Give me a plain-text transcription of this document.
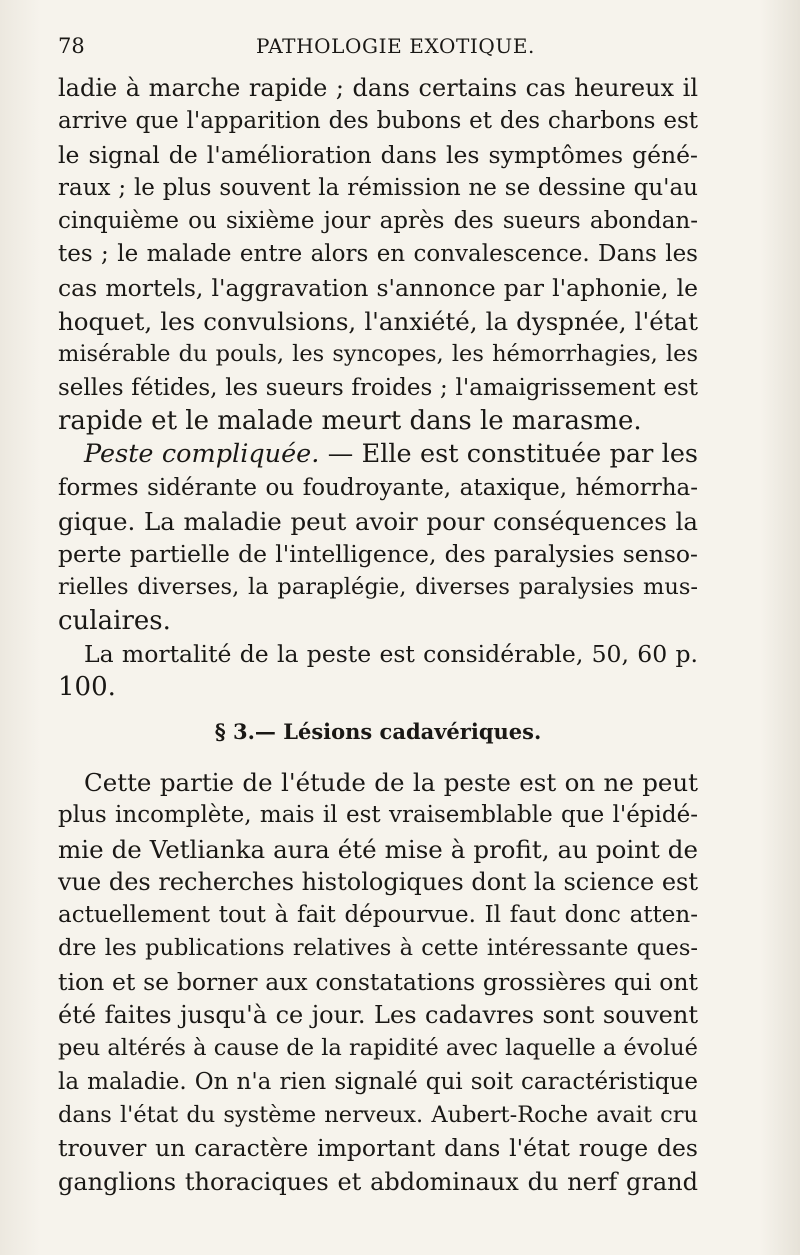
78	PATHOLOGIE EXOTIQUE.
ladie à marche rapide ; dans certains cas heureux il
arrive que l'apparition des bubons et des charbons est
le signal de l'amélioration dans les symptômes géné-
raux ; le plus souvent la rémission ne se dessine qu'au
cinquième ou sixième jour après des sueurs abondan-
tes ; le malade entre alors en convalescence. Dans les
cas mortels, l'aggravation s'annonce par l'aphonie, le
hoquet, les convulsions, l'anxiété, la dyspnée, l'état
misérable du pouls, les syncopes, les hémorrhagies, les
selles fétides, les sueurs froides ; l'amaigrissement est
rapide et le malade meurt dans le marasme.
Peste compliquée. — Elle est constituée par les
formes sidérante ou foudroyante, ataxique, hémorrha-
gique. La maladie peut avoir pour conséquences la
perte partielle de l'intelligence, des paralysies senso-
rielles diverses, la paraplégie, diverses paralysies mus-
culaires.
La mortalité de la peste est considérable, 50, 60 p.
100.
§ 3.— Lésions cadavériques.
Cette partie de l'étude de la peste est on ne peut
plus incomplète, mais il est vraisemblable que l'épidé-
mie de Vetlianka aura été mise à profit, au point de
vue des recherches histologiques dont la science est
actuellement tout à fait dépourvue. Il faut donc atten-
dre les publications relatives à cette intéressante ques-
tion et se borner aux constatations grossières qui ont
été faites jusqu'à ce jour. Les cadavres sont souvent
peu altérés à cause de la rapidité avec laquelle a évolué
la maladie. On n'a rien signalé qui soit caractéristique
dans l'état du système nerveux. Aubert-Roche avait cru
trouver un caractère important dans l'état rouge des
ganglions thoraciques et abdominaux du nerf grand
